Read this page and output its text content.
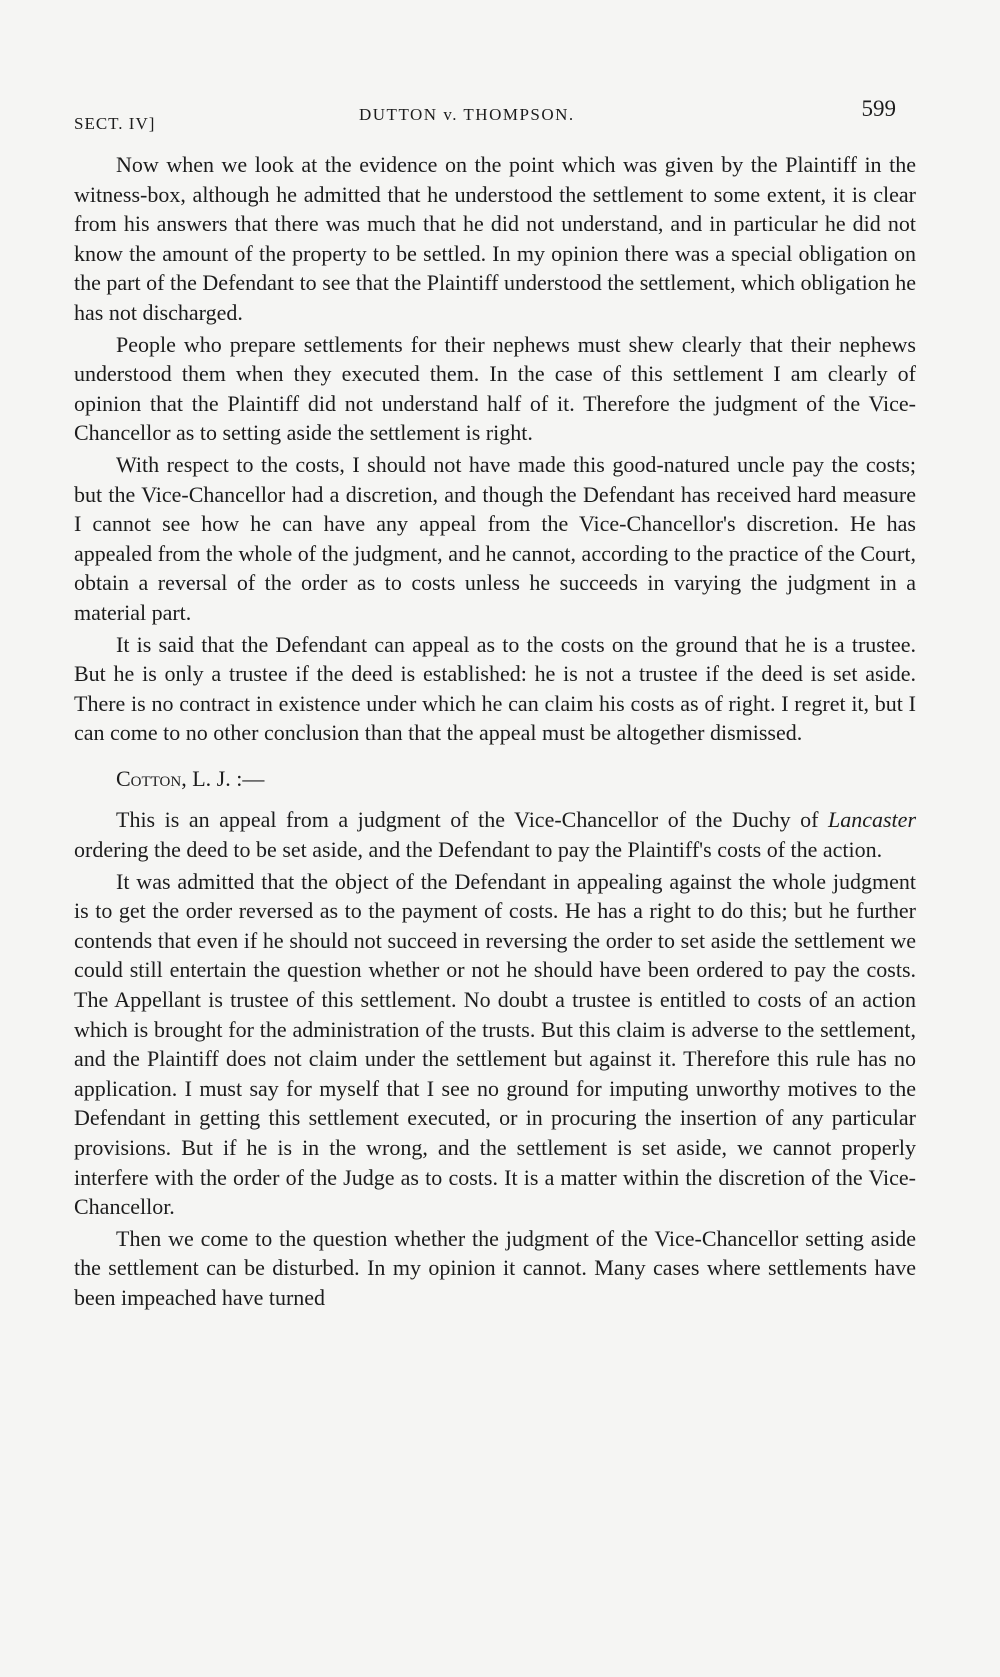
SECT. IV]	DUTTON v. THOMPSON.	599

Now when we look at the evidence on the point which was given by the Plaintiff in the witness-box, although he admitted that he understood the settlement to some extent, it is clear from his answers that there was much that he did not understand, and in particular he did not know the amount of the property to be settled. In my opinion there was a special obligation on the part of the Defendant to see that the Plaintiff understood the settlement, which obligation he has not discharged.

People who prepare settlements for their nephews must shew clearly that their nephews understood them when they executed them. In the case of this settlement I am clearly of opinion that the Plaintiff did not understand half of it. Therefore the judgment of the Vice-Chancellor as to setting aside the settlement is right.

With respect to the costs, I should not have made this good-natured uncle pay the costs; but the Vice-Chancellor had a discretion, and though the Defendant has received hard measure I cannot see how he can have any appeal from the Vice-Chancellor's discretion. He has appealed from the whole of the judgment, and he cannot, according to the practice of the Court, obtain a reversal of the order as to costs unless he succeeds in varying the judgment in a material part.

It is said that the Defendant can appeal as to the costs on the ground that he is a trustee. But he is only a trustee if the deed is established: he is not a trustee if the deed is set aside. There is no contract in existence under which he can claim his costs as of right. I regret it, but I can come to no other conclusion than that the appeal must be altogether dismissed.

Cotton, L. J. :—

This is an appeal from a judgment of the Vice-Chancellor of the Duchy of Lancaster ordering the deed to be set aside, and the Defendant to pay the Plaintiff's costs of the action.

It was admitted that the object of the Defendant in appealing against the whole judgment is to get the order reversed as to the payment of costs. He has a right to do this; but he further contends that even if he should not succeed in reversing the order to set aside the settlement we could still entertain the question whether or not he should have been ordered to pay the costs. The Appellant is trustee of this settlement. No doubt a trustee is entitled to costs of an action which is brought for the administration of the trusts. But this claim is adverse to the settlement, and the Plaintiff does not claim under the settlement but against it. Therefore this rule has no application. I must say for myself that I see no ground for imputing unworthy motives to the Defendant in getting this settlement executed, or in procuring the insertion of any particular provisions. But if he is in the wrong, and the settlement is set aside, we cannot properly interfere with the order of the Judge as to costs. It is a matter within the discretion of the Vice-Chancellor.

Then we come to the question whether the judgment of the Vice-Chancellor setting aside the settlement can be disturbed. In my opinion it cannot. Many cases where settlements have been impeached have turned
